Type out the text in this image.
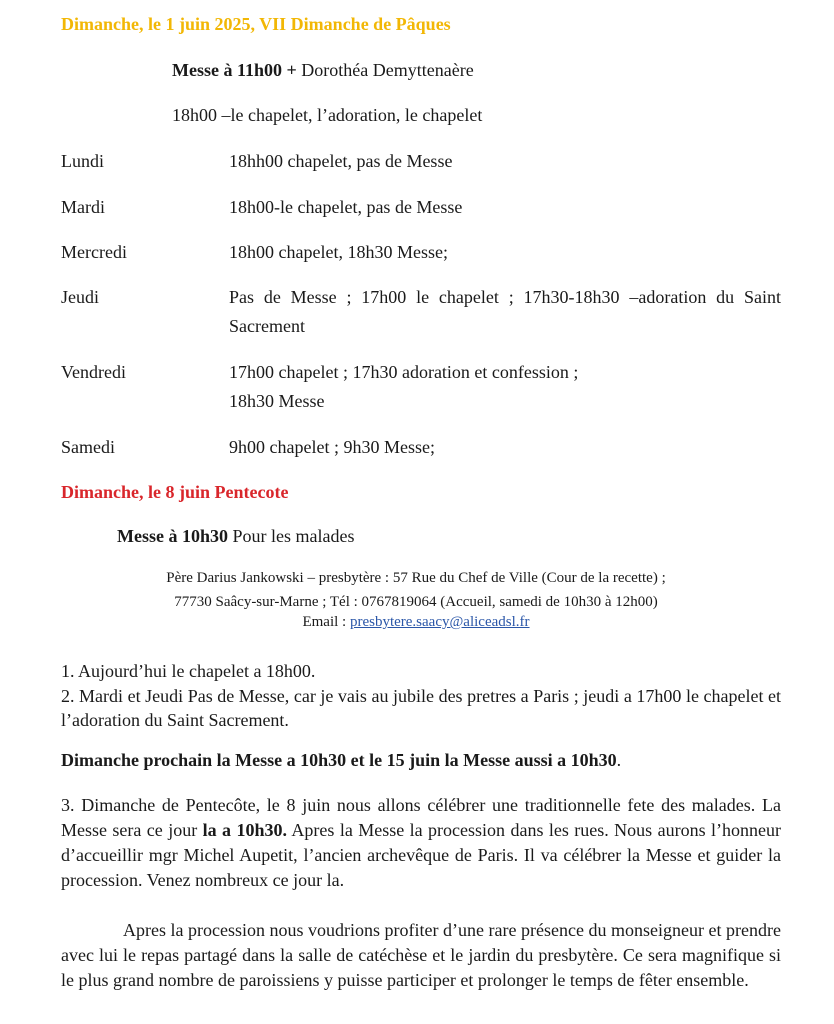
Dimanche, le 1 juin 2025, VII Dimanche de Pâques
Messe à 11h00 + Dorothéa Demyttenaère
18h00 –le chapelet, l’adoration, le chapelet
Lundi	18hh00 chapelet, pas de Messe
Mardi	18h00-le chapelet, pas de Messe
Mercredi	18h00 chapelet, 18h30 Messe;
Jeudi	Pas de Messe ; 17h00 le chapelet ; 17h30-18h30 –adoration du Saint Sacrement
Vendredi	17h00 chapelet ; 17h30 adoration et confession ;
18h30 Messe
Samedi	9h00 chapelet ; 9h30 Messe;
Dimanche, le 8 juin Pentecote
Messe à 10h30 Pour les malades
Père Darius Jankowski – presbytère : 57 Rue du Chef de Ville (Cour de la recette) ;
77730 Saâcy-sur-Marne ; Tél : 0767819064 (Accueil, samedi de 10h30 à 12h00)
Email : presbytere.saacy@aliceadsl.fr
1. Aujourd’hui le chapelet a 18h00.
2. Mardi et Jeudi Pas de Messe, car je vais au jubile des pretres a Paris ; jeudi a 17h00 le chapelet et l’adoration du Saint Sacrement.
Dimanche prochain la Messe a 10h30 et le 15 juin la Messe aussi a 10h30.
3. Dimanche de Pentecôte, le 8 juin nous allons célébrer une traditionnelle fete des malades. La Messe sera ce jour la a 10h30. Apres la Messe la procession dans les rues. Nous aurons l’honneur d’accueillir mgr Michel Aupetit, l’ancien archevêque de Paris. Il va célébrer la Messe et guider la procession. Venez nombreux ce jour la.
Apres la procession nous voudrions profiter d’une rare présence du monseigneur et prendre avec lui le repas partagé dans la salle de catéchèse et le jardin du presbytère. Ce sera magnifique si le plus grand nombre de paroissiens y puisse participer et prolonger le temps de fêter ensemble.
